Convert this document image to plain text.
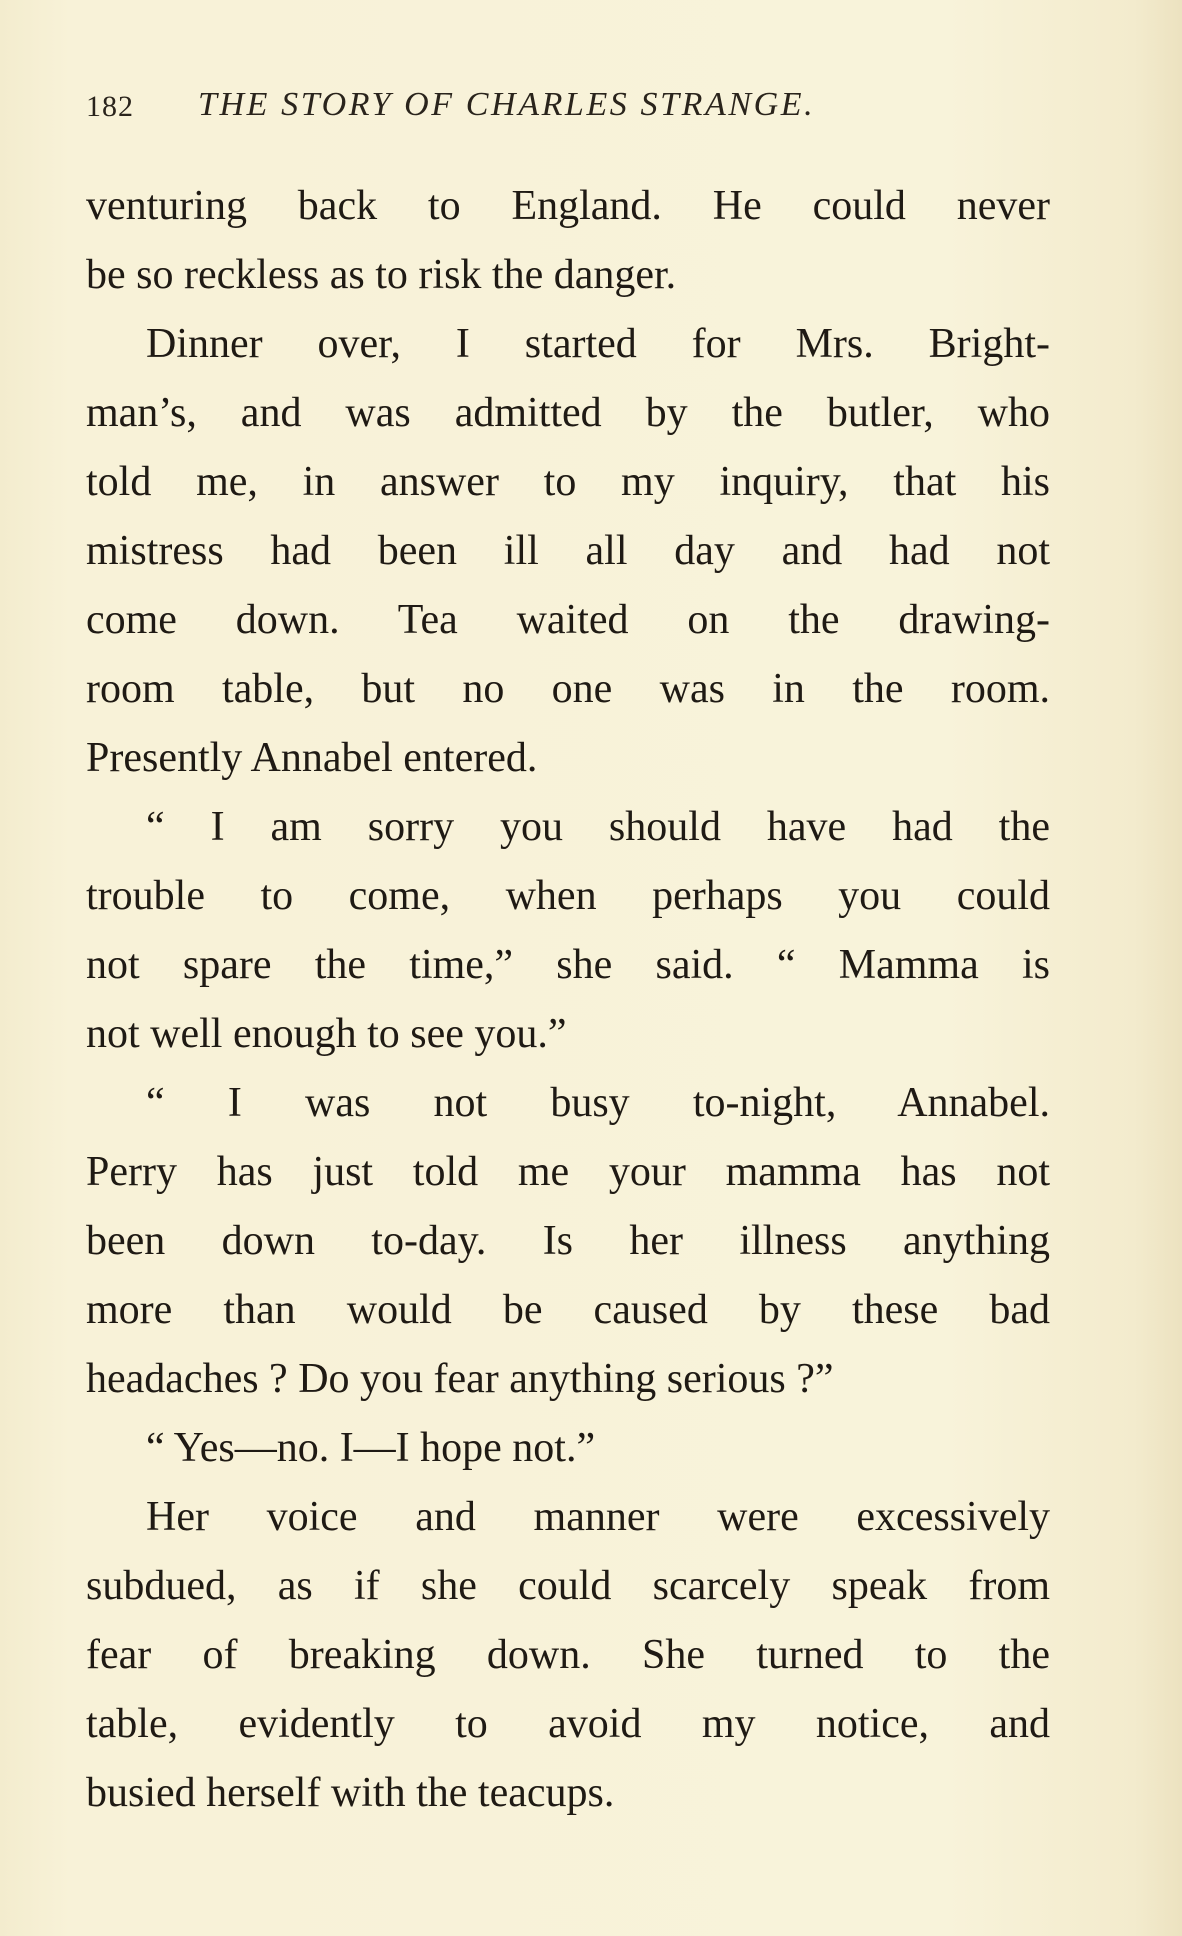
182 THE STORY OF CHARLES STRANGE.
venturing back to England. He could never
be so reckless as to risk the danger.
Dinner over, I started for Mrs. Bright-
man’s, and was admitted by the butler, who
told me, in answer to my inquiry, that his
mistress had been ill all day and had not
come down. Tea waited on the drawing-
room table, but no one was in the room.
Presently Annabel entered.
“ I am sorry you should have had the
trouble to come, when perhaps you could
not spare the time,” she said. “ Mamma is
not well enough to see you.”
“ I was not busy to-night, Annabel.
Perry has just told me your mamma has not
been down to-day. Is her illness anything
more than would be caused by these bad
headaches ? Do you fear anything serious ?”
“ Yes—no. I—I hope not.”
Her voice and manner were excessively
subdued, as if she could scarcely speak from
fear of breaking down. She turned to the
table, evidently to avoid my notice, and
busied herself with the teacups.
